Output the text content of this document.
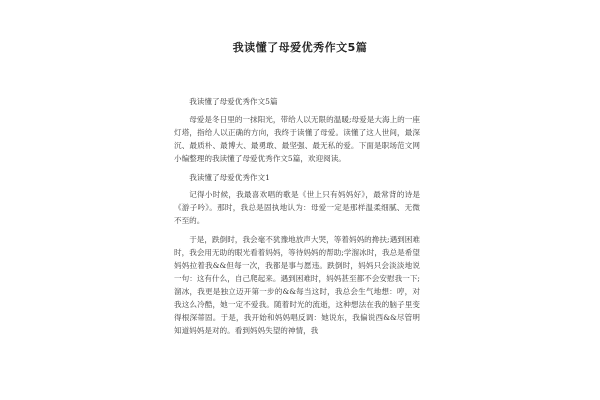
我读懂了母爱优秀作文5篇

我读懂了母爱优秀作文5篇

母爱是冬日里的一抹阳光，带给人以无限的温暖;母爱是大海上的一座灯塔，指给人以正确的方向，我终于读懂了母爱。读懂了这人世间，最深沉、最质朴、最博大、最勇敢、最坚强、最无私的爱。下面是职场范文网小编整理的我读懂了母爱优秀作文5篇，欢迎阅读。

我读懂了母爱优秀作文1

记得小时候，我最喜欢唱的歌是《世上只有妈妈好》，最常背的诗是《游子吟》。那时，我总是固执地认为：母爱一定是那样温柔细腻、无微不至的。

于是，跌倒时，我会毫不犹豫地放声大哭，等着妈妈的搀扶;遇到困难时，我会用无助的眼光看着妈妈，等待妈妈的帮助;学溜冰时，我总是希望妈妈拉着我&&但每一次，我都是事与愿违。跌倒时，妈妈只会淡淡地说一句：这有什么，自己爬起来。遇到困难时，妈妈甚至都不会安慰我一下;溜冰，我更是独立迈开第一步的&&每当这时，我总会生气地想：哼，对我这么冷酷，她一定不爱我。随着时光的流逝，这种想法在我的脑子里变得根深蒂固。于是，我开始和妈妈唱反调：她说东，我偏说西&&尽管明知道妈妈是对的。看到妈妈失望的神情，我
